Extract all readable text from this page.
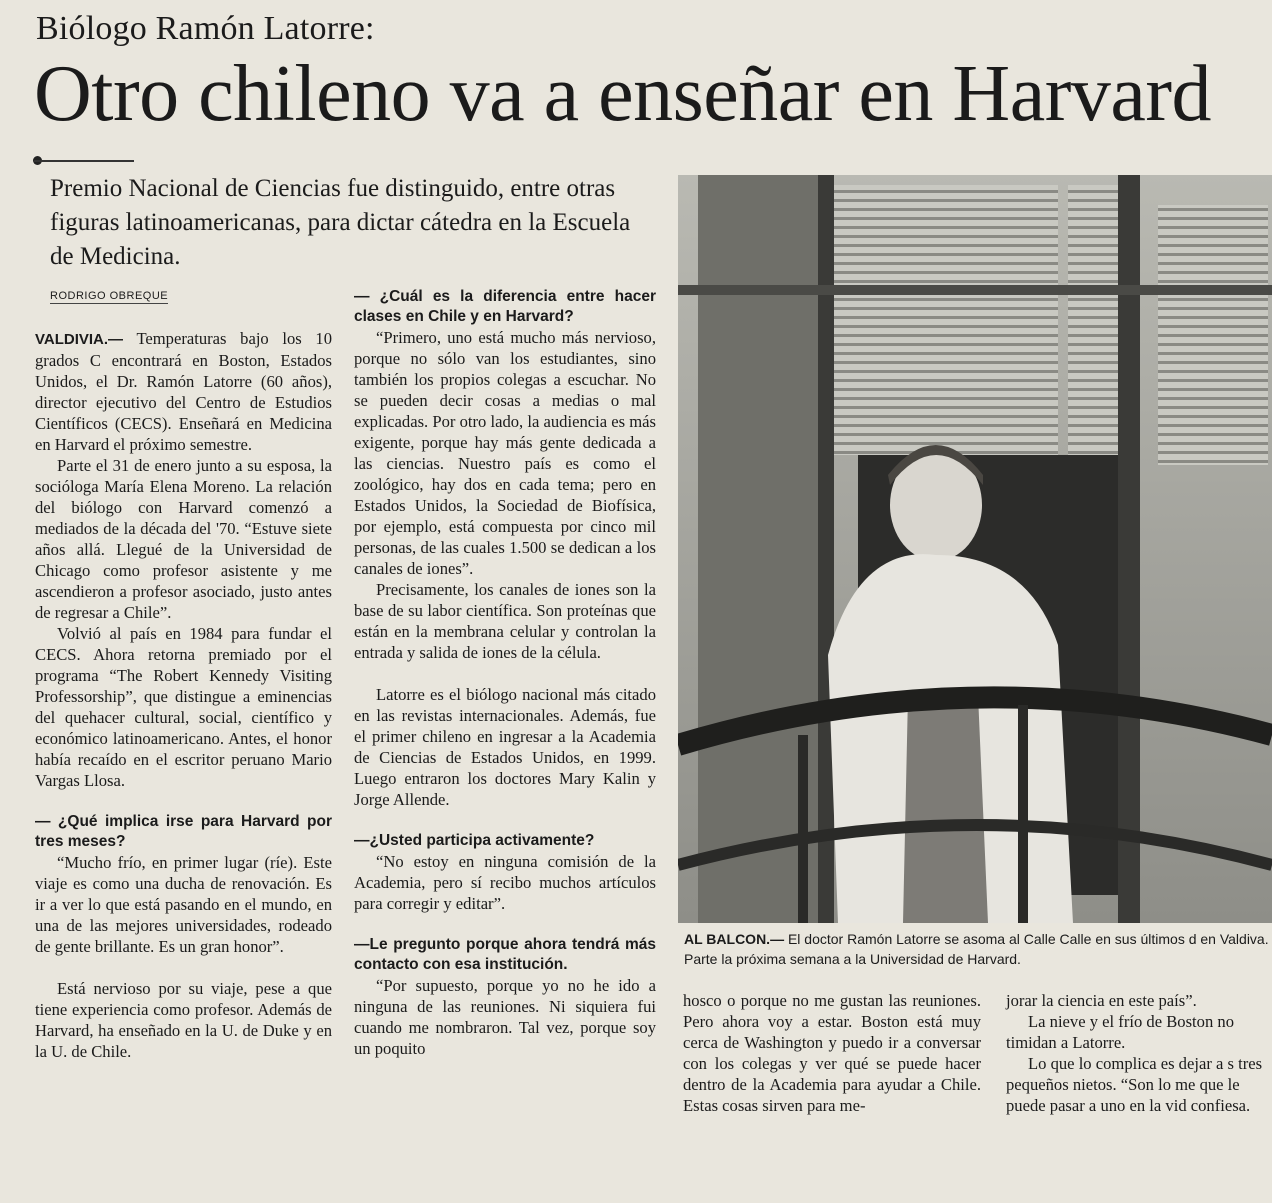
Biólogo Ramón Latorre:
Otro chileno va a enseñar en Harvard
Premio Nacional de Ciencias fue distinguido, entre otras figuras latinoamericanas, para dictar cátedra en la Escuela de Medicina.
RODRIGO OBREQUE

VALDIVIA.— Temperaturas bajo los 10 grados C encontrará en Boston, Estados Unidos, el Dr. Ramón Latorre (60 años), director ejecutivo del Centro de Estudios Científicos (CECS). Enseñará en Medicina en Harvard el próximo semestre.

Parte el 31 de enero junto a su esposa, la socióloga María Elena Moreno. La relación del biólogo con Harvard comenzó a mediados de la década del '70. “Estuve siete años allá. Llegué de la Universidad de Chicago como profesor asistente y me ascendieron a profesor asociado, justo antes de regresar a Chile”.

Volvió al país en 1984 para fundar el CECS. Ahora retorna premiado por el programa “The Robert Kennedy Visiting Professorship”, que distingue a eminencias del quehacer cultural, social, científico y económico latinoamericano. Antes, el honor había recaído en el escritor peruano Mario Vargas Llosa.

— ¿Qué implica irse para Harvard por tres meses?

“Mucho frío, en primer lugar (ríe). Este viaje es como una ducha de renovación. Es ir a ver lo que está pasando en el mundo, en una de las mejores universidades, rodeado de gente brillante. Es un gran honor”.

Está nervioso por su viaje, pese a que tiene experiencia como profesor. Además de Harvard, ha enseñado en la U. de Duke y en la U. de Chile.

— ¿Cuál es la diferencia entre hacer clases en Chile y en Harvard?

“Primero, uno está mucho más nervioso, porque no sólo van los estudiantes, sino también los propios colegas a escuchar. No se pueden decir cosas a medias o mal explicadas. Por otro lado, la audiencia es más exigente, porque hay más gente dedicada a las ciencias. Nuestro país es como el zoológico, hay dos en cada tema; pero en Estados Unidos, la Sociedad de Biofísica, por ejemplo, está compuesta por cinco mil personas, de las cuales 1.500 se dedican a los canales de iones”.

Precisamente, los canales de iones son la base de su labor científica. Son proteínas que están en la membrana celular y controlan la entrada y salida de iones de la célula.

Latorre es el biólogo nacional más citado en las revistas internacionales. Además, fue el primer chileno en ingresar a la Academia de Ciencias de Estados Unidos, en 1999. Luego entraron los doctores Mary Kalin y Jorge Allende.

—¿Usted participa activamente?

“No estoy en ninguna comisión de la Academia, pero sí recibo muchos artículos para corregir y editar”.

—Le pregunto porque ahora tendrá más contacto con esa institución.

“Por supuesto, porque yo no he ido a ninguna de las reuniones. Ni siquiera fui cuando me nombraron. Tal vez, porque soy un poquito

AL BALCON.— El doctor Ramón Latorre se asoma al Calle Calle en sus últimos d en Valdiva. Parte la próxima semana a la Universidad de Harvard.

hosco o porque no me gustan las reuniones. Pero ahora voy a estar. Boston está muy cerca de Washington y puedo ir a conversar con los colegas y ver qué se puede hacer dentro de la Academia para ayudar a Chile. Estas cosas sirven para me-

jorar la ciencia en este país”.

La nieve y el frío de Boston no timidan a Latorre.

Lo que lo complica es dejar a s tres pequeños nietos. “Son lo me que le puede pasar a uno en la vid confiesa.
